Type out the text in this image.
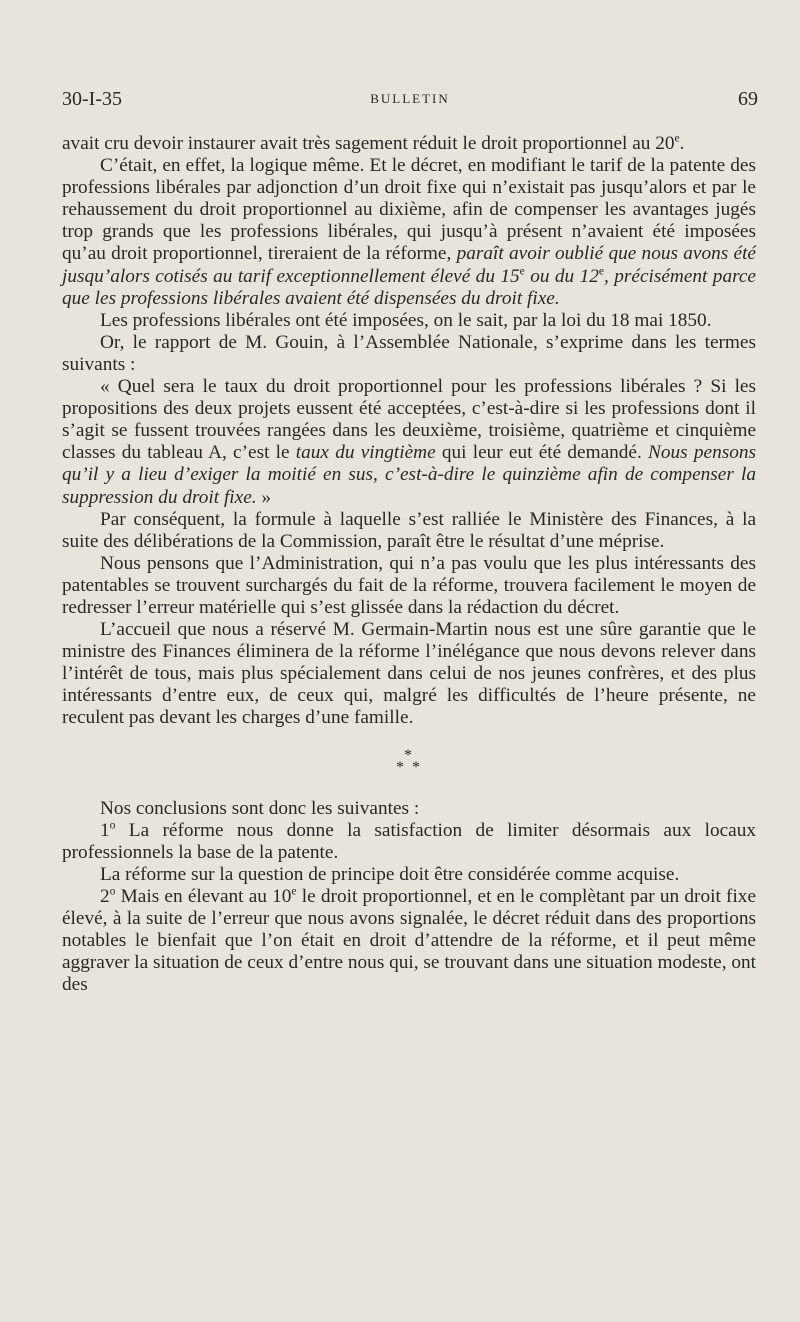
30-I-35	BULLETIN	69

avait cru devoir instaurer avait très sagement réduit le droit proportionnel au 20e.

C’était, en effet, la logique même. Et le décret, en modifiant le tarif de la patente des professions libérales par adjonction d’un droit fixe qui n’existait pas jusqu’alors et par le rehaussement du droit proportionnel au dixième, afin de compenser les avantages jugés trop grands que les professions libérales, qui jusqu’à présent n’avaient été imposées qu’au droit proportionnel, tireraient de la réforme, paraît avoir oublié que nous avons été jusqu’alors cotisés au tarif exceptionnellement élevé du 15e ou du 12e, précisément parce que les professions libérales avaient été dispensées du droit fixe.

Les professions libérales ont été imposées, on le sait, par la loi du 18 mai 1850.

Or, le rapport de M. Gouin, à l’Assemblée Nationale, s’exprime dans les termes suivants :

« Quel sera le taux du droit proportionnel pour les professions libérales ? Si les propositions des deux projets eussent été acceptées, c’est-à-dire si les professions dont il s’agit se fussent trouvées rangées dans les deuxième, troisième, quatrième et cinquième classes du tableau A, c’est le taux du vingtième qui leur eut été demandé. Nous pensons qu’il y a lieu d’exiger la moitié en sus, c’est-à-dire le quinzième afin de compenser la suppression du droit fixe. »

Par conséquent, la formule à laquelle s’est ralliée le Ministère des Finances, à la suite des délibérations de la Commission, paraît être le résultat d’une méprise.

Nous pensons que l’Administration, qui n’a pas voulu que les plus intéressants des patentables se trouvent surchargés du fait de la réforme, trouvera facilement le moyen de redresser l’erreur matérielle qui s’est glissée dans la rédaction du décret.

L’accueil que nous a réservé M. Germain-Martin nous est une sûre garantie que le ministre des Finances éliminera de la réforme l’inélégance que nous devons relever dans l’intérêt de tous, mais plus spécialement dans celui de nos jeunes confrères, et des plus intéressants d’entre eux, de ceux qui, malgré les difficultés de l’heure présente, ne reculent pas devant les charges d’une famille.

*
* *

Nos conclusions sont donc les suivantes :

1$^o$ La réforme nous donne la satisfaction de limiter désormais aux locaux professionnels la base de la patente.

La réforme sur la question de principe doit être considérée comme acquise.

2$^o$ Mais en élevant au 10e le droit proportionnel, et en le complètant par un droit fixe élevé, à la suite de l’erreur que nous avons signalée, le décret réduit dans des proportions notables le bienfait que l’on était en droit d’attendre de la réforme, et il peut même aggraver la situation de ceux d’entre nous qui, se trouvant dans une situation modeste, ont des
